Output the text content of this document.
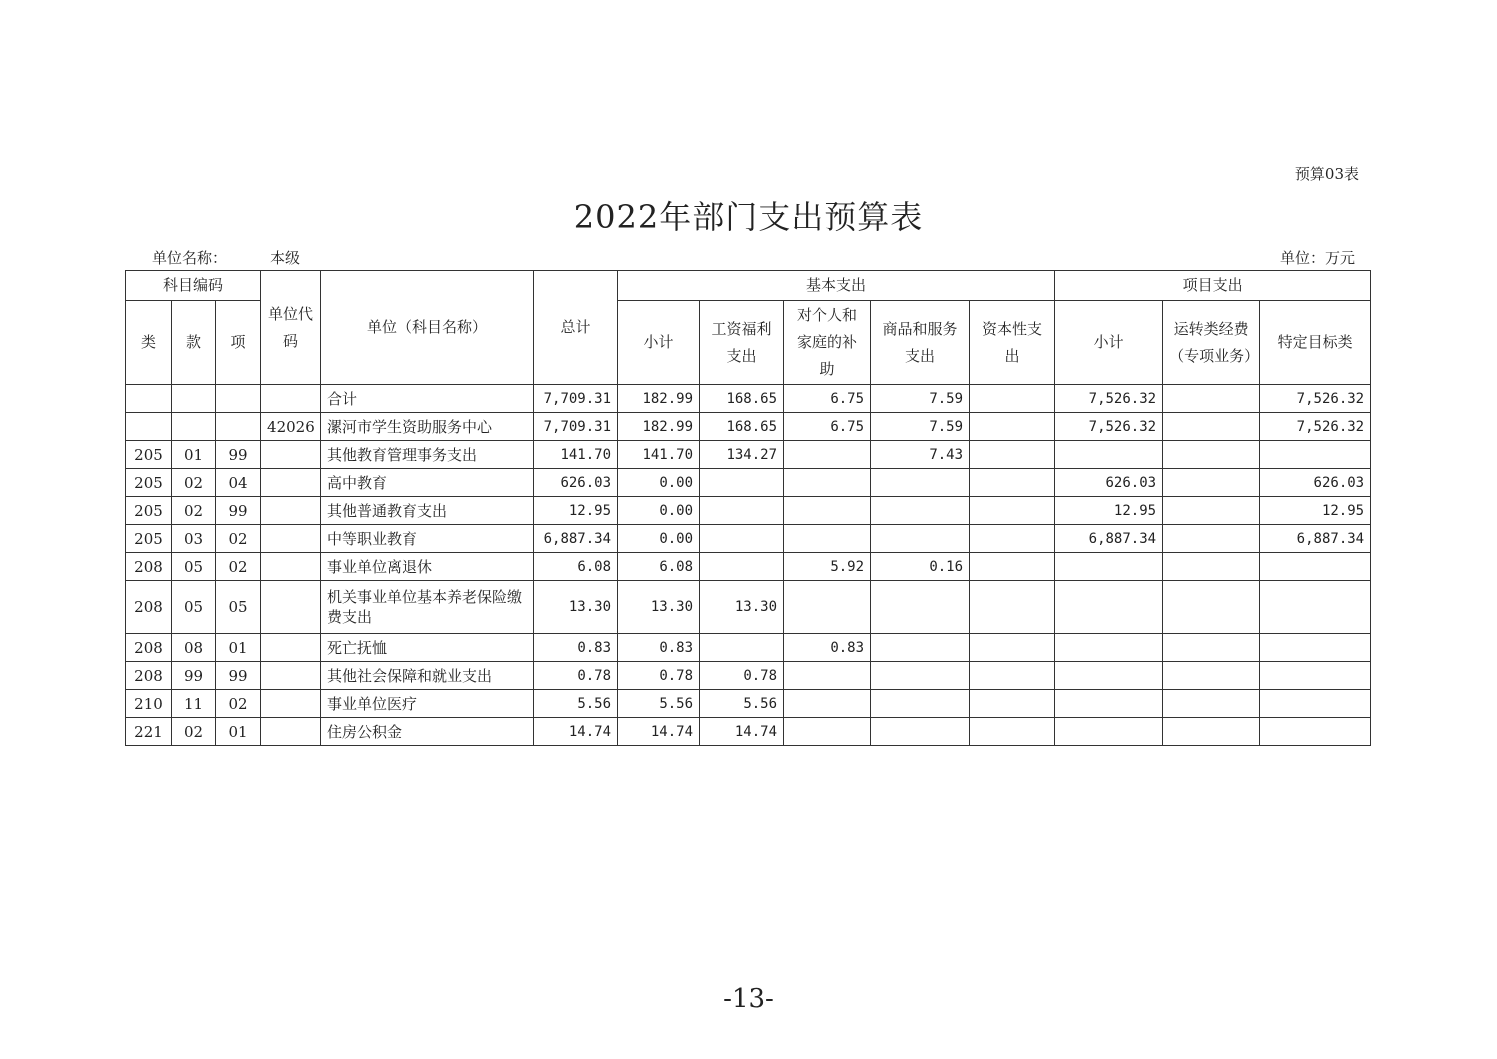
预算03表
2022年部门支出预算表
单位名称：	本级	单位：万元
科目编码			单位代码	单位（科目名称）	总计	基本支出					项目支出		
类	款	项				小计	工资福利支出	对个人和家庭的补助	商品和服务支出	资本性支出	小计	运转类经费（专项业务）	特定目标类
				合计	7,709.31	182.99	168.65	6.75	7.59		7,526.32		7,526.32
			42026	漯河市学生资助服务中心	7,709.31	182.99	168.65	6.75	7.59		7,526.32		7,526.32
205	01	99		其他教育管理事务支出	141.70	141.70	134.27		7.43				
205	02	04		高中教育	626.03	0.00					626.03		626.03
205	02	99		其他普通教育支出	12.95	0.00					12.95		12.95
205	03	02		中等职业教育	6,887.34	0.00					6,887.34		6,887.34
208	05	02		事业单位离退休	6.08	6.08		5.92	0.16				
208	05	05		机关事业单位基本养老保险缴费支出	13.30	13.30	13.30						
208	08	01		死亡抚恤	0.83	0.83		0.83					
208	99	99		其他社会保障和就业支出	0.78	0.78	0.78						
210	11	02		事业单位医疗	5.56	5.56	5.56						
221	02	01		住房公积金	14.74	14.74	14.74						
-13-
